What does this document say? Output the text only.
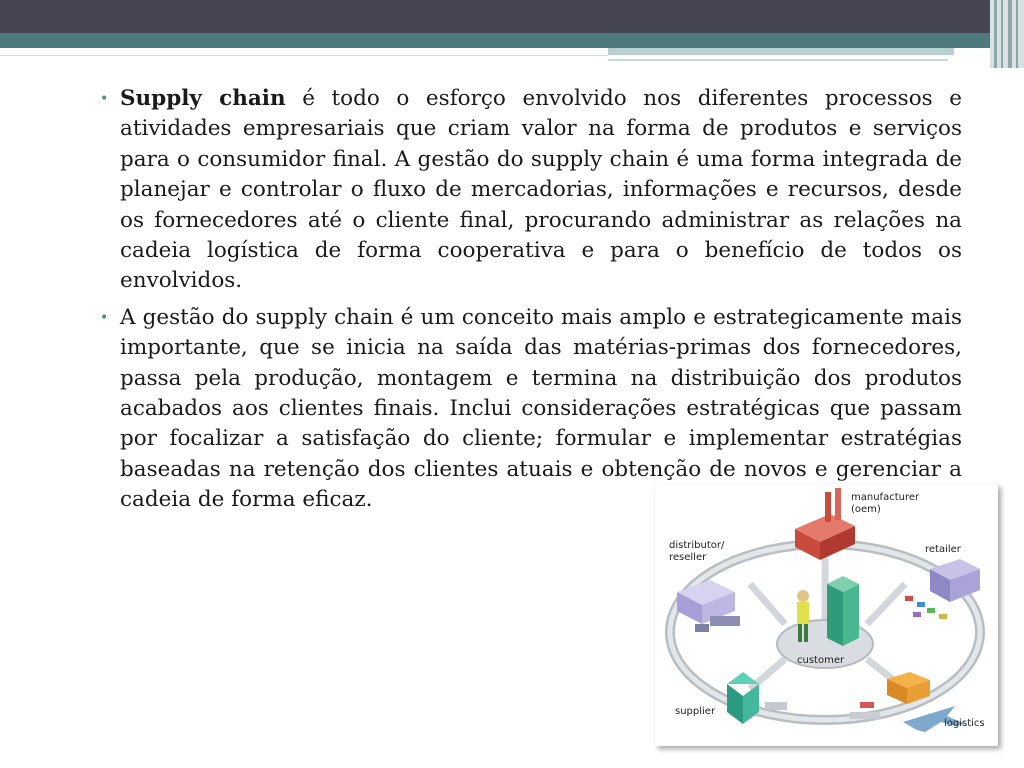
• Supply chain é todo o esforço envolvido nos diferentes processos e atividades empresariais que criam valor na forma de produtos e serviços para o consumidor final. A gestão do supply chain é uma forma integrada de planejar e controlar o fluxo de mercadorias, informações e recursos, desde os fornecedores até o cliente final, procurando administrar as relações na cadeia logística de forma cooperativa e para o benefício de todos os envolvidos.
• A gestão do supply chain é um conceito mais amplo e estrategicamente mais importante, que se inicia na saída das matérias-primas dos fornecedores, passa pela produção, montagem e termina na distribuição dos produtos acabados aos clientes finais. Inclui considerações estratégicas que passam por focalizar a satisfação do cliente; formular e implementar estratégias baseadas na retenção dos clientes atuais e obtenção de novos e gerenciar a cadeia de forma eficaz.	manufacturer
(oem)
retailer
distributor/
reseller
customer
supplier
logistics
